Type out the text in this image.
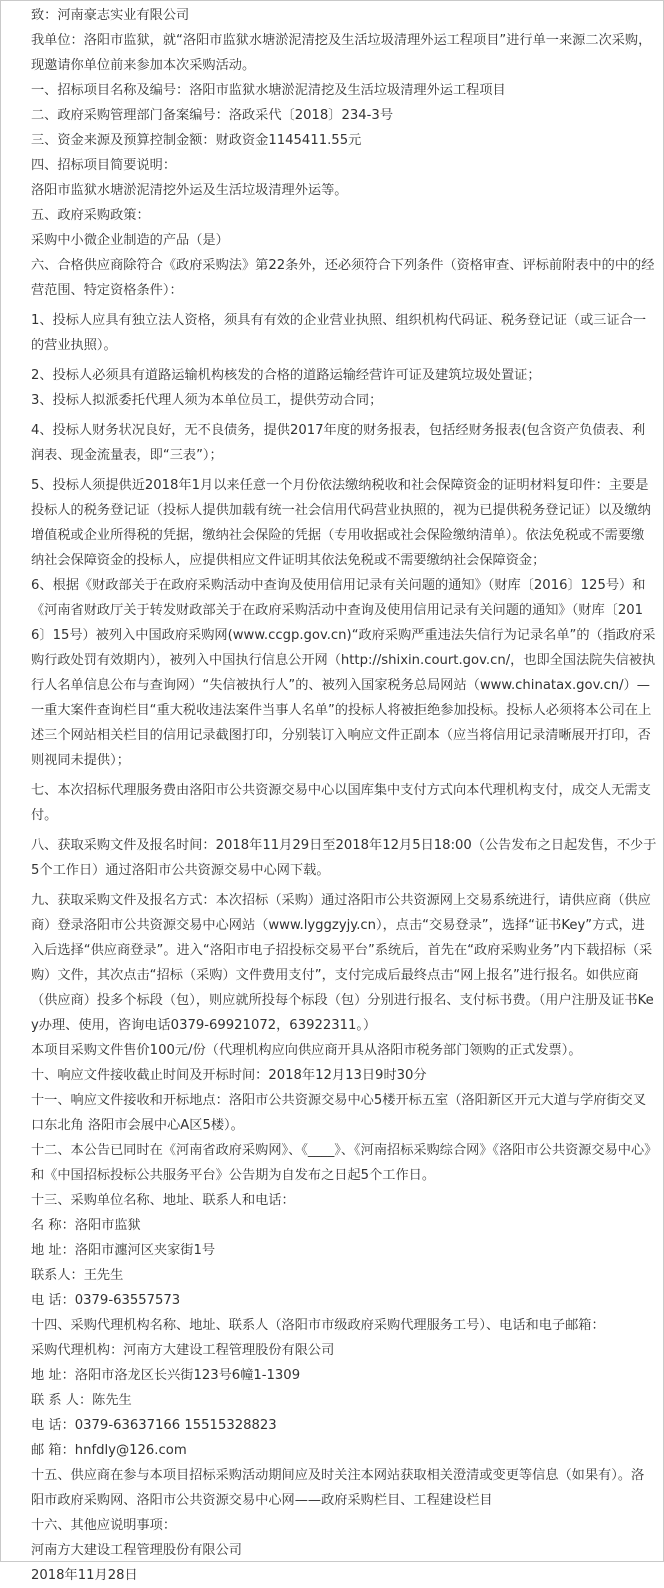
致：河南豪志实业有限公司

我单位：洛阳市监狱，就“洛阳市监狱水塘淤泥清挖及生活垃圾清理外运工程项目”进行单一来源二次采购，现邀请你单位前来参加本次采购活动。

一、招标项目名称及编号：洛阳市监狱水塘淤泥清挖及生活垃圾清理外运工程项目

二、政府采购管理部门备案编号：洛政采代〔2018〕234-3号

三、资金来源及预算控制金额：财政资金1145411.55元

四、招标项目简要说明：

洛阳市监狱水塘淤泥清挖外运及生活垃圾清理外运等。

五、政府采购政策：

采购中小微企业制造的产品（是）

六、合格供应商除符合《政府采购法》第22条外，还必须符合下列条件（资格审查、评标前附表中的中的经营范围、特定资格条件）：

1、投标人应具有独立法人资格，须具有有效的企业营业执照、组织机构代码证、税务登记证（或三证合一的营业执照）。

2、投标人必须具有道路运输机构核发的合格的道路运输经营许可证及建筑垃圾处置证；

3、投标人拟派委托代理人须为本单位员工，提供劳动合同；

4、投标人财务状况良好，无不良债务，提供2017年度的财务报表，包括经财务报表(包含资产负债表、利润表、现金流量表，即“三表”）；

5、投标人须提供近2018年1月以来任意一个月份依法缴纳税收和社会保障资金的证明材料复印件：主要是投标人的税务登记证（投标人提供加载有统一社会信用代码营业执照的，视为已提供税务登记证）以及缴纳增值税或企业所得税的凭据，缴纳社会保险的凭据（专用收据或社会保险缴纳清单）。依法免税或不需要缴纳社会保障资金的投标人，应提供相应文件证明其依法免税或不需要缴纳社会保障资金；

6、根据《财政部关于在政府采购活动中查询及使用信用记录有关问题的通知》（财库〔2016〕125号）和《河南省财政厅关于转发财政部关于在政府采购活动中查询及使用信用记录有关问题的通知》（财库〔2016〕15号）被列入中国政府采购网(www.ccgp.gov.cn)“政府采购严重违法失信行为记录名单”的（指政府采购行政处罚有效期内），被列入中国执行信息公开网（http://shixin.court.gov.cn/，也即全国法院失信被执行人名单信息公布与查询网）“失信被执行人”的、被列入国家税务总局网站（www.chinatax.gov.cn/）—一重大案件查询栏目“重大税收违法案件当事人名单”的投标人将被拒绝参加投标。投标人必须将本公司在上述三个网站相关栏目的信用记录截图打印，分别装订入响应文件正副本（应当将信用记录清晰展开打印，否则视同未提供）；

七、本次招标代理服务费由洛阳市公共资源交易中心以国库集中支付方式向本代理机构支付，成交人无需支付。

八、获取采购文件及报名时间：2018年11月29日至2018年12月5日18:00（公告发布之日起发售，不少于5个工作日）通过洛阳市公共资源交易中心网下载。

九、获取采购文件及报名方式：本次招标（采购）通过洛阳市公共资源网上交易系统进行，请供应商（供应商）登录洛阳市公共资源交易中心网站（www.lyggzyjy.cn），点击“交易登录”，选择“证书Key”方式，进入后选择“供应商登录”。进入“洛阳市电子招投标交易平台”系统后，首先在“政府采购业务”内下载招标（采购）文件，其次点击“招标（采购）文件费用支付”，支付完成后最终点击“网上报名”进行报名。如供应商（供应商）投多个标段（包），则应就所投每个标段（包）分别进行报名、支付标书费。（用户注册及证书Key办理、使用，咨询电话0379-69921072，63922311。）

本项目采购文件售价100元/份（代理机构应向供应商开具从洛阳市税务部门领购的正式发票）。

十、响应文件接收截止时间及开标时间：2018年12月13日9时30分

十一、响应文件接收和开标地点：洛阳市公共资源交易中心5楼开标五室（洛阳新区开元大道与学府街交叉口东北角 洛阳市会展中心A区5楼）。

十二、本公告已同时在《河南省政府采购网》、《____》、《河南招标采购综合网》《洛阳市公共资源交易中心》和《中国招标投标公共服务平台》公告期为自发布之日起5个工作日。

十三、采购单位名称、地址、联系人和电话：

名 称：洛阳市监狱

地 址：洛阳市瀍河区夹家街1号

联系人：王先生

电 话：0379-63557573

十四、采购代理机构名称、地址、联系人（洛阳市市级政府采购代理服务工号）、电话和电子邮箱：

采购代理机构：河南方大建设工程管理股份有限公司

地 址：洛阳市洛龙区长兴街123号6幢1-1309

联 系 人：陈先生

电 话：0379-63637166 15515328823

邮 箱：hnfdly@126.com

十五、供应商在参与本项目招标采购活动期间应及时关注本网站获取相关澄清或变更等信息（如果有）。洛阳市政府采购网、洛阳市公共资源交易中心网——政府采购栏目、工程建设栏目

十六、其他应说明事项：

河南方大建设工程管理股份有限公司

2018年11月28日
